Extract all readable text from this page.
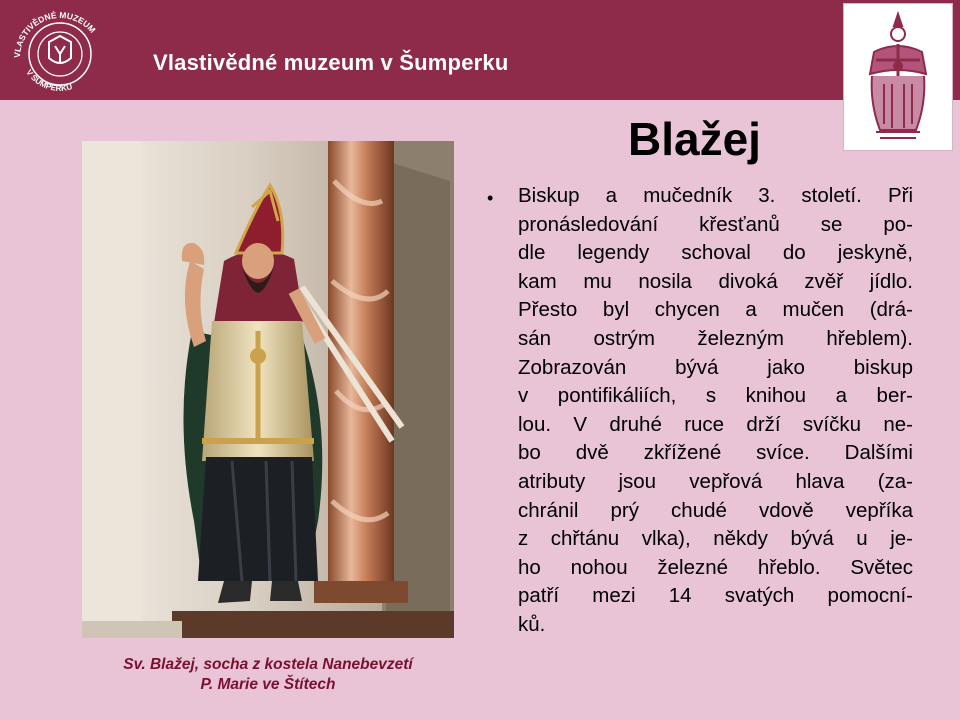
VLASTIVĚDNÉ MUZEUM
V ŠUMPERKU
Vlastivědné muzeum v Šumperku
Blažej
Sv. Blažej, socha z kostela Nanebevzetí
P. Marie ve Štítech
• Biskup a mučedník 3. století. Při
pronásledování křesťanů se po-
dle legendy schoval do jeskyně,
kam mu nosila divoká zvěř jídlo.
Přesto byl chycen a mučen (drá-
sán ostrým železným hřeblem).
Zobrazován bývá jako biskup
v pontifikáliích, s knihou a ber-
lou. V druhé ruce drží svíčku ne-
bo dvě zkřížené svíce. Dalšími
atributy jsou vepřová hlava (za-
chránil prý chudé vdově vepříka
z chřtánu vlka), někdy bývá u je-
ho nohou železné hřeblo. Světec
patří mezi 14 svatých pomocní-
ků.
